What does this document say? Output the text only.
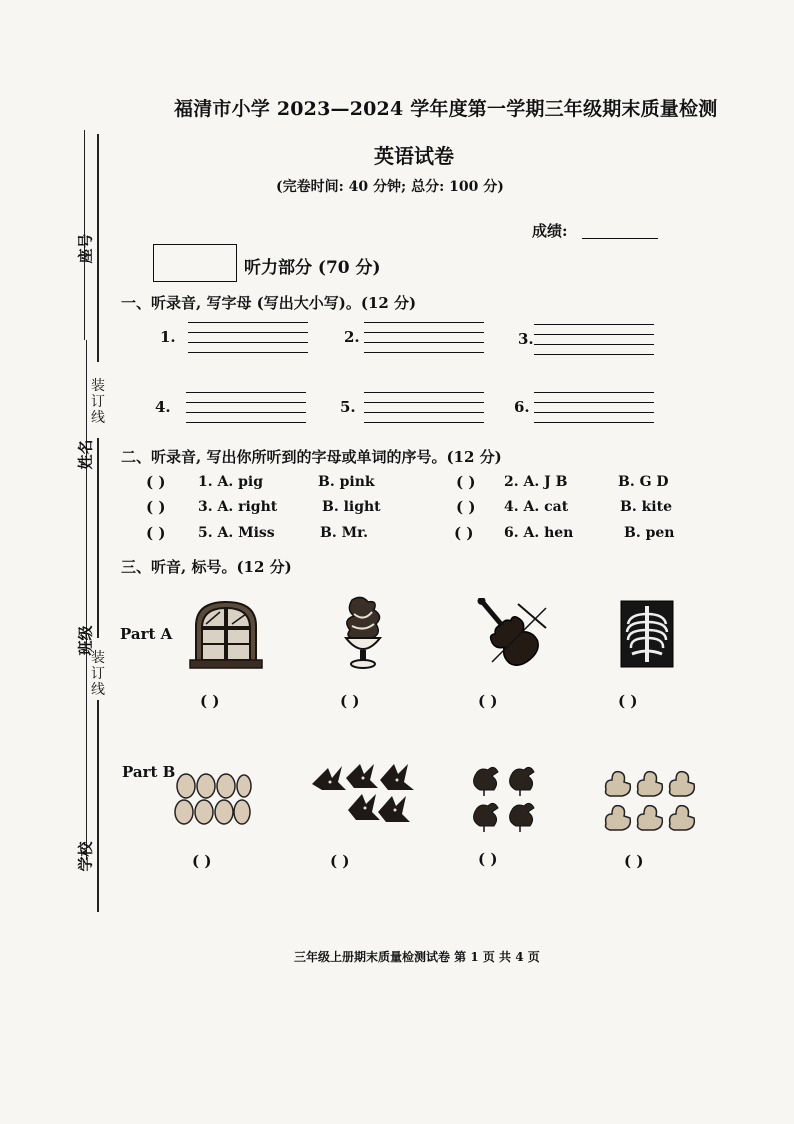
座号
姓名
班级
学校
装
订
线
装
订
线
福清市小学 2023—2024 学年度第一学期三年级期末质量检测
英语试卷
(完卷时间: 40 分钟; 总分: 100 分)
成绩:
听力部分 (70 分)
一、听录音, 写字母 (写出大小写)。(12 分)
1.	2.	3.
4.	5.	6.
二、听录音, 写出你所听到的字母或单词的序号。(12 分)
( ) 1. A. pig	B. pink	( ) 2. A. J B	B. G D
( ) 3. A. right	B. light	( ) 4. A. cat	B. kite
( ) 5. A. Miss	B. Mr.	( ) 6. A. hen	B. pen
三、听音, 标号。(12 分)
Part A
( )	( )	( )	( )
Part B
( )	( )	( )	( )
三年级上册期末质量检测试卷 第 1 页 共 4 页
